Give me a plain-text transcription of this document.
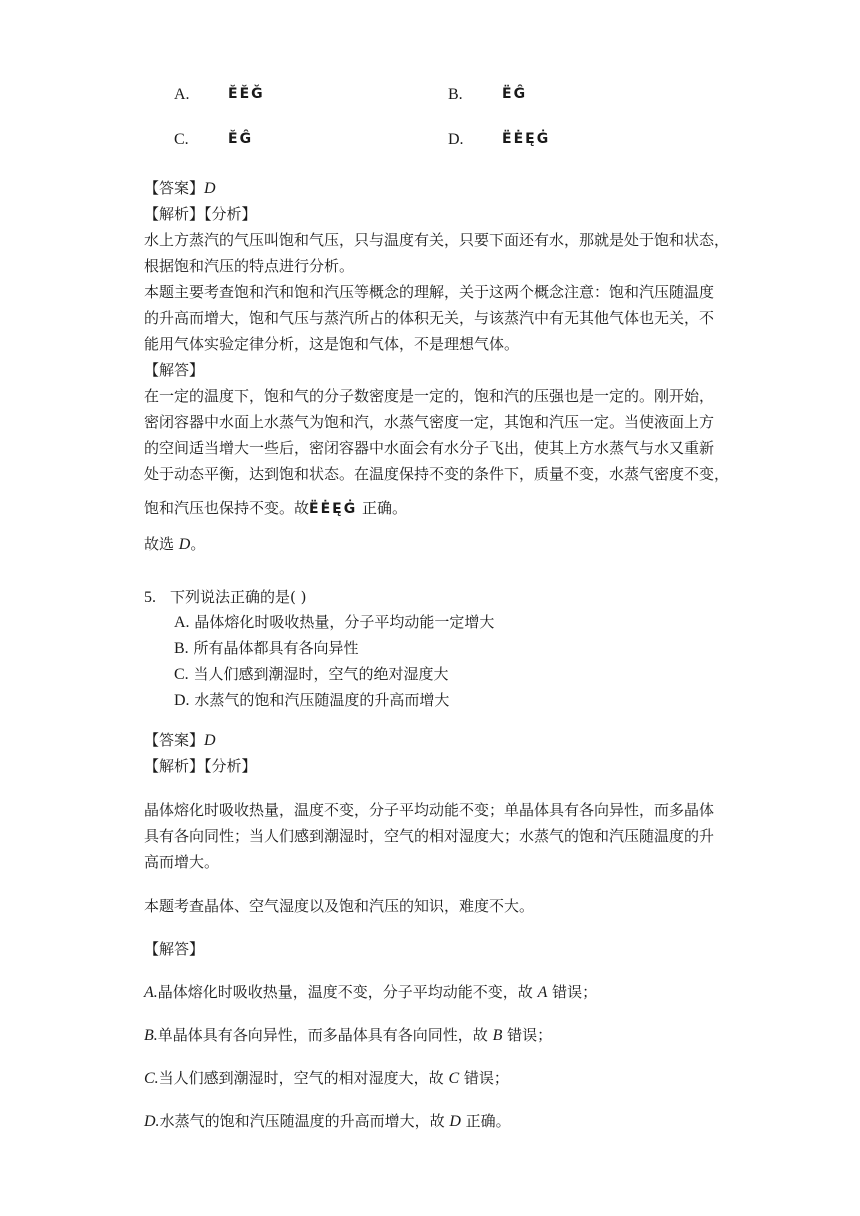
A.	ĔĔĞ	B.	ËĜ
C.	ĔĜ	D.	ËĖĘĠ
【答案】D
【解析】【分析】
水上方蒸汽的气压叫饱和气压，只与温度有关，只要下面还有水，那就是处于饱和状态，
根据饱和汽压的特点进行分析。
本题主要考查饱和汽和饱和汽压等概念的理解，关于这两个概念注意：饱和汽压随温度
的升高而增大，饱和气压与蒸汽所占的体积无关，与该蒸汽中有无其他气体也无关，不
能用气体实验定律分析，这是饱和气体，不是理想气体。
【解答】
在一定的温度下，饱和气的分子数密度是一定的，饱和汽的压强也是一定的。刚开始，
密闭容器中水面上水蒸气为饱和汽，水蒸气密度一定，其饱和汽压一定。当使液面上方
的空间适当增大一些后，密闭容器中水面会有水分子飞出，使其上方水蒸气与水又重新
处于动态平衡，达到饱和状态。在温度保持不变的条件下，质量不变，水蒸气密度不变，
饱和汽压也保持不变。故ËĖĘĠ 正确。
故选 D。
5. 下列说法正确的是( )
A. 晶体熔化时吸收热量，分子平均动能一定增大
B. 所有晶体都具有各向异性
C. 当人们感到潮湿时，空气的绝对湿度大
D. 水蒸气的饱和汽压随温度的升高而增大
【答案】D
【解析】【分析】
晶体熔化时吸收热量，温度不变，分子平均动能不变；单晶体具有各向异性，而多晶体
具有各向同性；当人们感到潮湿时，空气的相对湿度大；水蒸气的饱和汽压随温度的升
高而增大。
本题考查晶体、空气湿度以及饱和汽压的知识，难度不大。
【解答】
A.晶体熔化时吸收热量，温度不变，分子平均动能不变，故 A 错误；
B.单晶体具有各向异性，而多晶体具有各向同性，故 B 错误；
C.当人们感到潮湿时，空气的相对湿度大，故 C 错误；
D.水蒸气的饱和汽压随温度的升高而增大，故 D 正确。
